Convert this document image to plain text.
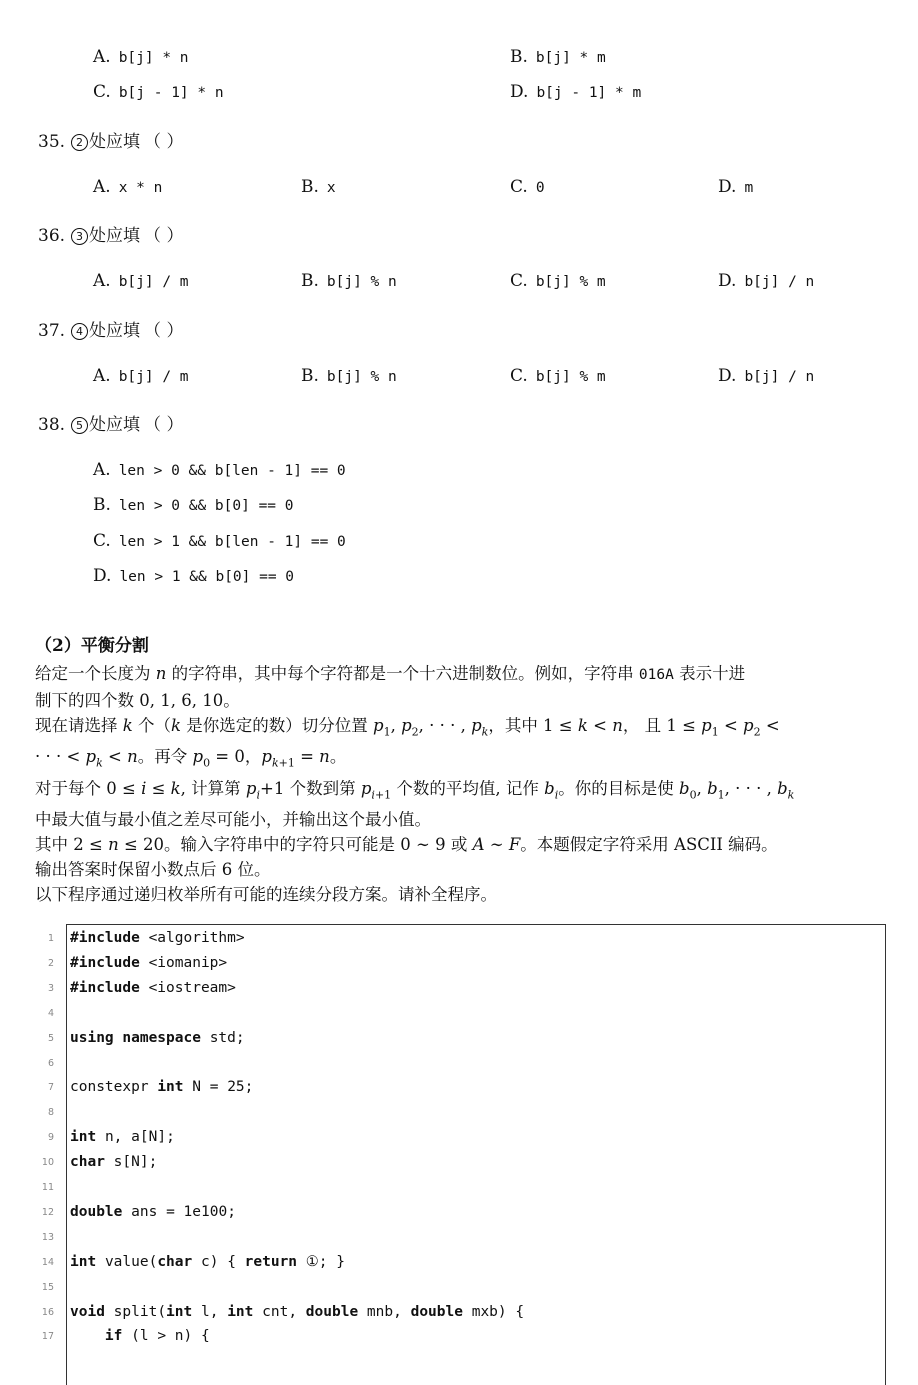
A. b[j] * n	B. b[j] * m
C. b[j - 1] * n	D. b[j - 1] * m
35. 2 处应填 （ ）
A. x * n	B. x	C. 0	D. m
36. 3 处应填 （ ）
A. b[j] / m	B. b[j] % n	C. b[j] % m	D. b[j] / n
37. 4 处应填 （ ）
A. b[j] / m	B. b[j] % n	C. b[j] % m	D. b[j] / n
38. 5 处应填 （ ）
A. len > 0 && b[len - 1] == 0
B. len > 0 && b[0] == 0
C. len > 1 && b[len - 1] == 0
D. len > 1 && b[0] == 0
（2）平衡分割
给定一个长度为 n 的字符串，其中每个字符都是一个十六进制数位。例如，字符串 016A 表示十进
制下的四个数 0, 1, 6, 10。
现在请选择 k 个（k 是你选定的数）切分位置 $p_1$, $p_2$, · · · , $p_k$，其中 1 ≤ k < n， 且 $1 \le p_1 < p_2$ <
· · · < $p_k < n$。再令 $p_0 = 0$，$p_{k+1} = n$。
对于每个 0 ≤ i ≤ k, 计算第 $p_i+1$ 个数到第 $p_{i+1}$ 个数的平均值, 记作 $b_i$。你的目标是使 $b_0$, $b_1$, · · · , $b_k$
中最大值与最小值之差尽可能小，并输出这个最小值。
其中 2 ≤ n ≤ 20。输入字符串中的字符只可能是 0 ∼ 9 或 A ∼ F。本题假定字符采用 ASCII 编码。
输出答案时保留小数点后 6 位。
以下程序通过递归枚举所有可能的连续分段方案。请补全程序。
1 #include <algorithm>
2 #include <iomanip>
3 #include <iostream>
4
5 using namespace std;
6
7 constexpr int N = 25;
8
9 int n, a[N];
10 char s[N];
11
12 double ans = 1e100;
13
14 int value(char c) { return ①; }
15
16 void split(int l, int cnt, double mnb, double mxb) {
17	if (l > n) {
